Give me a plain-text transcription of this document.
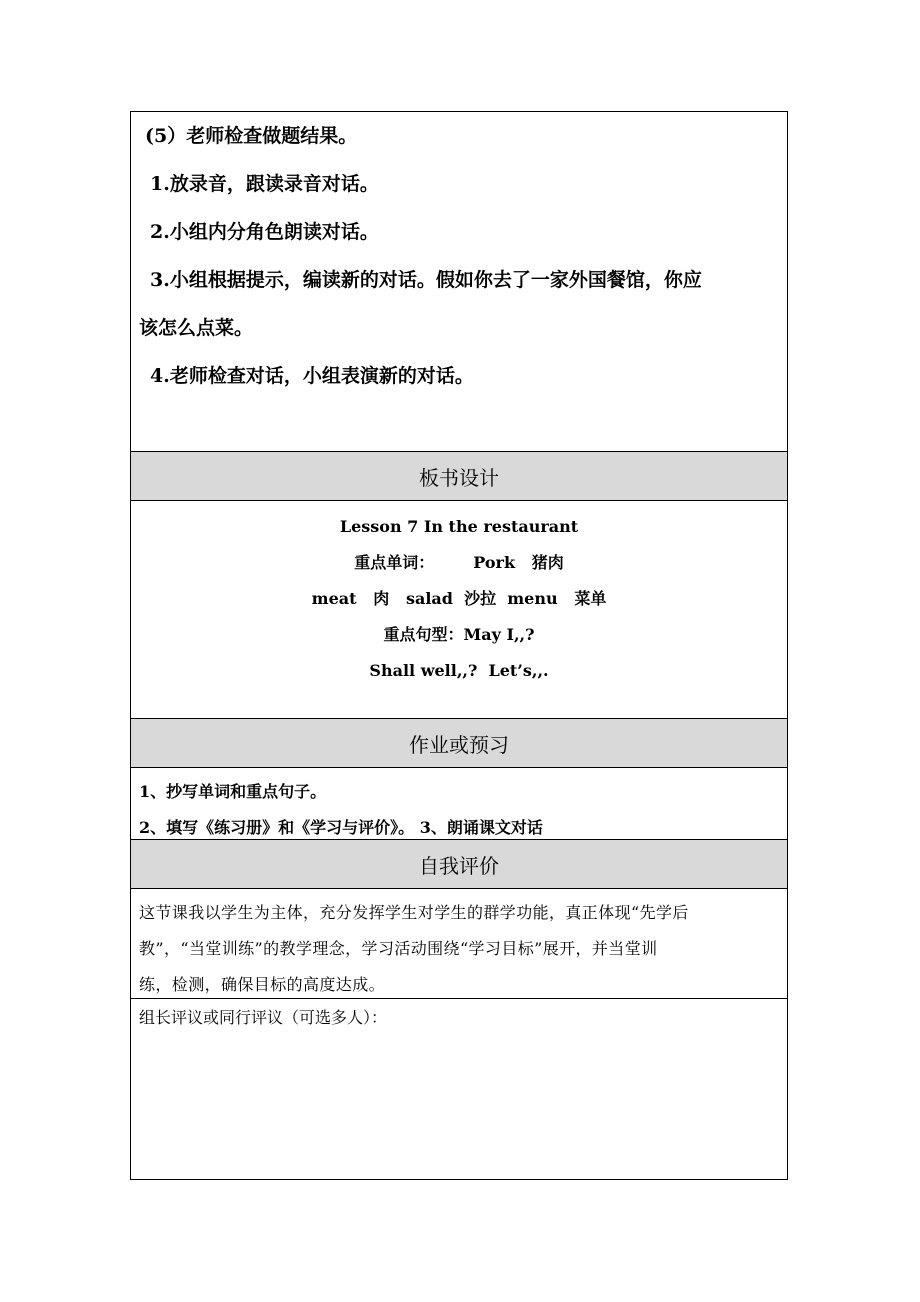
(5）老师检查做题结果。

1.放录音，跟读录音对话。

2.小组内分角色朗读对话。

3.小组根据提示，编读新的对话。假如你去了一家外国餐馆，你应

该怎么点菜。

4.老师检查对话，小组表演新的对话。

板书设计

Lesson 7 In the restaurant

重点单词：       Pork   猪肉

meat   肉   salad  沙拉  menu   菜单

重点句型：May I,,?

Shall well,,?  Let’s,,.

作业或预习

1、抄写单词和重点句子。

2、填写《练习册》和《学习与评价》。 3、朗诵课文对话

自我评价

这节课我以学生为主体，充分发挥学生对学生的群学功能，真正体现“先学后

教”，“当堂训练”的教学理念，学习活动围绕“学习目标”展开，并当堂训

练，检测，确保目标的高度达成。

组长评议或同行评议（可选多人）：
